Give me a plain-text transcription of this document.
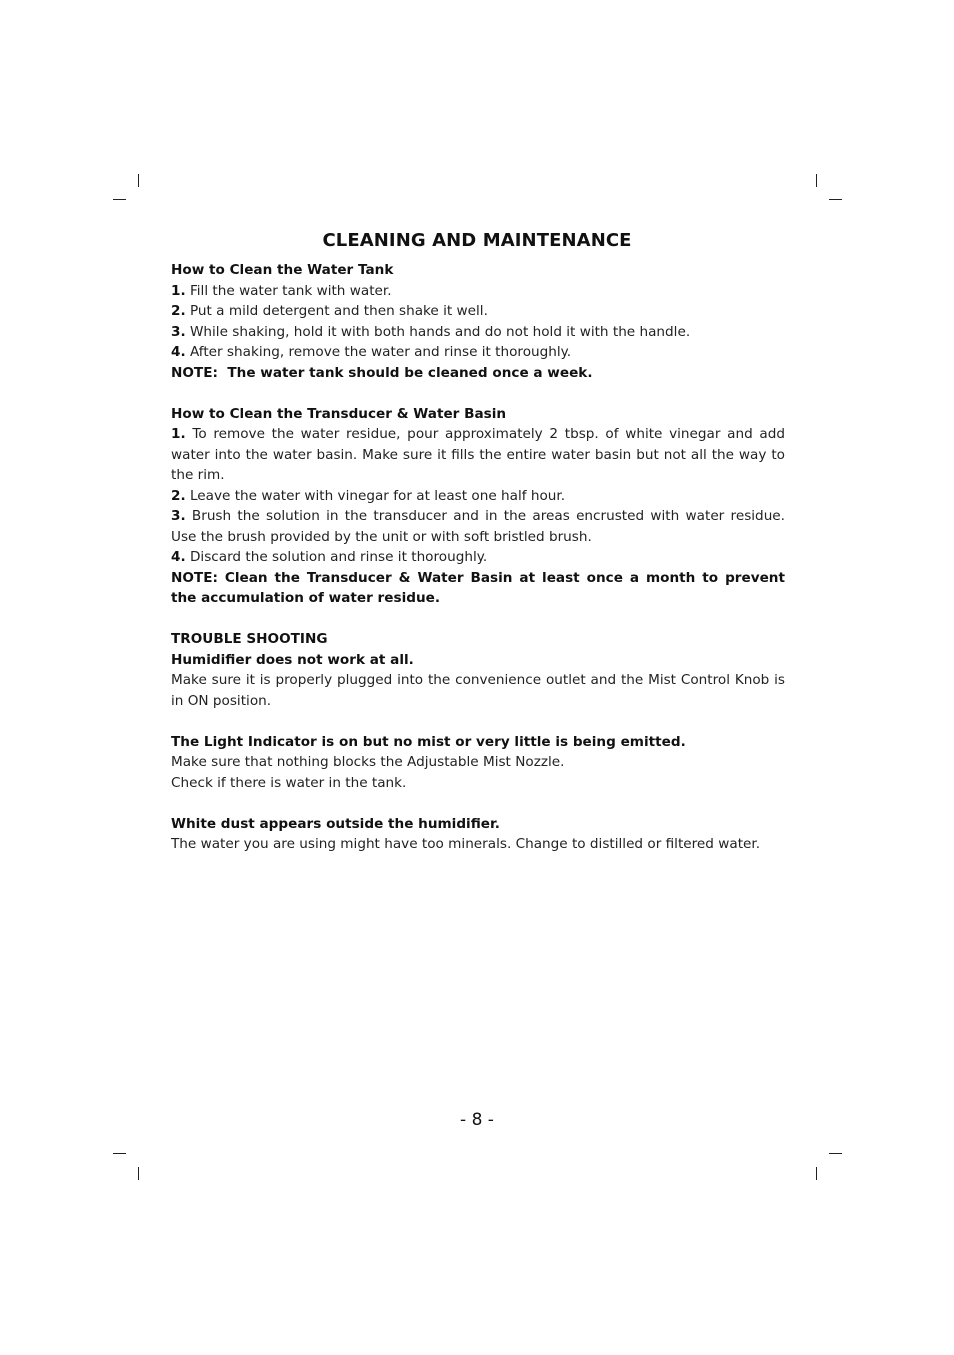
CLEANING AND MAINTENANCE

How to Clean the Water Tank

1. Fill the water tank with water.

2. Put a mild detergent and then shake it well.

3. While shaking, hold it with both hands and do not hold it with the handle.

4. After shaking, remove the water and rinse it thoroughly.

NOTE:  The water tank should be cleaned once a week.

How to Clean the Transducer & Water Basin

1. To remove the water residue, pour approximately 2 tbsp. of white vinegar and add water into the water basin. Make sure it fills the entire water basin but not all the way to the rim.

2. Leave the water with vinegar for at least one half hour.

3. Brush the solution in the transducer and in the areas encrusted with water residue. Use the brush provided by the unit or with soft bristled brush.

4. Discard the solution and rinse it thoroughly.

NOTE: Clean the Transducer & Water Basin at least once a month to prevent the accumulation of water residue.

TROUBLE SHOOTING

Humidifier does not work at all.

Make sure it is properly plugged into the convenience outlet and the Mist Control Knob is in ON position.

The Light Indicator is on but no mist or very little is being emitted.

Make sure that nothing blocks the Adjustable Mist Nozzle.

Check if there is water in the tank.

White dust appears outside the humidifier.

The water you are using might have too minerals. Change to distilled or filtered water.

- 8 -
